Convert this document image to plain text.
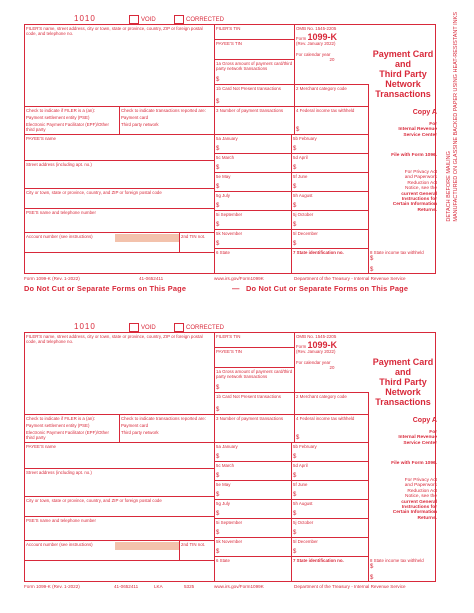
1010	VOID	CORRECTED
FILER'S name, street address, city or town, state or province, country, ZIP or foreign postal code, and telephone no.
FILER'S TIN
PAYEE'S TIN
OMB No. 1545-2205
Form 1099-K
(Rev. January 2022)
For calendar year
20
1a Gross amount of payment card/third party network transactions
$
1b Card Not Present transactions
$
2 Merchant category code
Check to indicate if FILER is a (an):
Payment settlement entity (PSE)
Electronic Payment Facilitator (EPF)/Other third party
Check to indicate transactions reported are:
Payment card
Third party network
3 Number of payment transactions	4 Federal income tax withheld
$
PAYEE'S name
Street address (including apt. no.)
City or town, state or province, country, and ZIP or foreign postal code
PSE'S name and telephone number
Account number (see instructions)	2nd TIN not.
5a January
$
5b February
$
5c March
$
5d April
$
5e May
$
5f June
$
5g July
$
5h August
$
5i September
$
5j October
$
5k November
$
5l December
$
6 State	7 State identification no.	8 State income tax withheld
$
$
Payment Card and
Third Party
Network
Transactions
Copy A
For
Internal Revenue
Service Center
File with Form 1096.
For Privacy Act
and Paperwork
Reduction Act
Notice, see the
current General
Instructions for
Certain Information
Returns.
Form 1099-K (Rev. 1-2022)	41-0652411	www.irs.gov/Form1099K	Department of the Treasury - Internal Revenue Service
Do Not Cut or Separate Forms on This Page	— Do Not Cut or Separate Forms on This Page
1010	VOID	CORRECTED
FILER'S name, street address, city or town, state or province, country, ZIP or foreign postal code, and telephone no.
FILER'S TIN
PAYEE'S TIN
OMB No. 1545-2205
Form 1099-K
(Rev. January 2022)
For calendar year
20
1a Gross amount of payment card/third party network transactions
$
1b Card Not Present transactions
$
2 Merchant category code
Check to indicate if FILER is a (an):
Payment settlement entity (PSE)
Electronic Payment Facilitator (EPF)/Other third party
Check to indicate transactions reported are:
Payment card
Third party network
3 Number of payment transactions	4 Federal income tax withheld
$
PAYEE'S name
Street address (including apt. no.)
City or town, state or province, country, and ZIP or foreign postal code
PSE'S name and telephone number
Account number (see instructions)	2nd TIN not.
5a January
$
5b February
$
5c March
$
5d April
$
5e May
$
5f June
$
5g July
$
5h August
$
5i September
$
5j October
$
5k November
$
5l December
$
6 State	7 State identification no.	8 State income tax withheld
$
$
Payment Card and
Third Party
Network
Transactions
Copy A
For
Internal Revenue
Service Center
File with Form 1096.
For Privacy Act
and Paperwork
Reduction Act
Notice, see the
current General
Instructions for
Certain Information
Returns.
Form 1099-K (Rev. 1-2022)	41-0652411	LKA	5325	www.irs.gov/Form1099K	Department of the Treasury - Internal Revenue Service
DETACH BEFORE MAILING MANUFACTURED ON GLASSINE BACKED PAPER USING HEAT-RESISTANT INKS
